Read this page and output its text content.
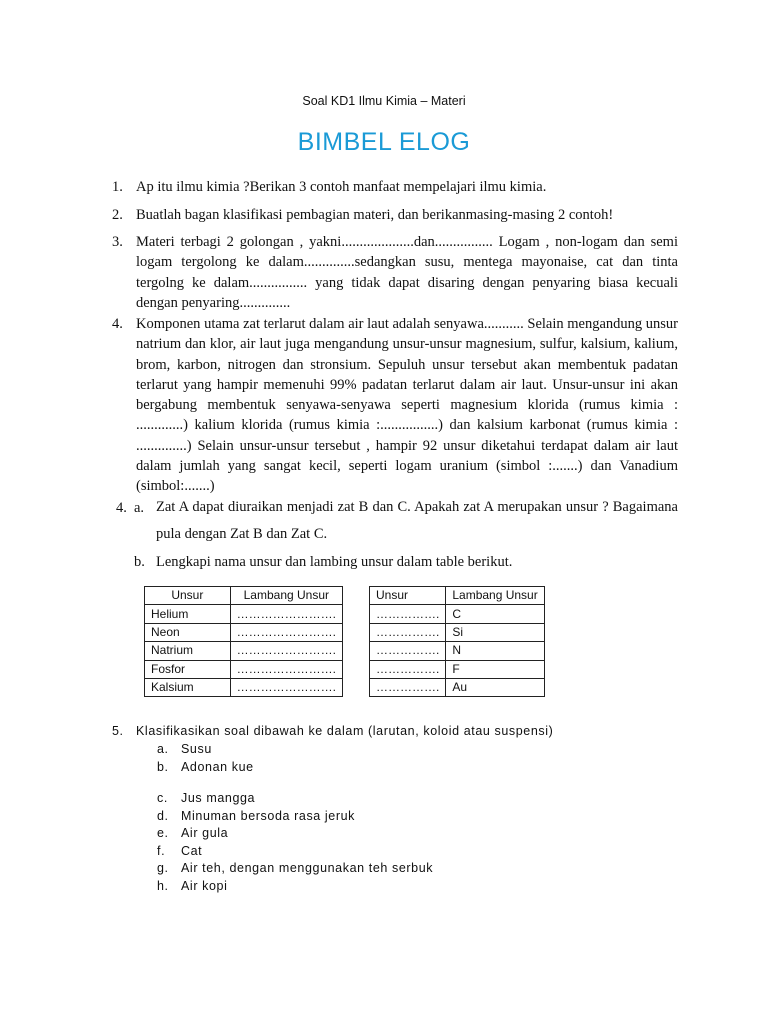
Soal KD1 Ilmu Kimia – Materi
BIMBEL ELOG
1. Ap itu ilmu kimia ?Berikan 3 contoh manfaat mempelajari ilmu kimia.
2. Buatlah bagan klasifikasi pembagian materi, dan berikanmasing-masing 2 contoh!
3. Materi terbagi 2 golongan , yakni....................dan................ Logam , non-logam dan semi logam tergolong ke dalam..............sedangkan susu, mentega mayonaise, cat dan tinta tergolng ke dalam................ yang tidak dapat disaring dengan penyaring biasa kecuali dengan penyaring..............
4. Komponen utama zat terlarut dalam air laut adalah senyawa........... Selain mengandung unsur natrium dan klor, air laut juga mengandung unsur-unsur magnesium, sulfur, kalsium, kalium, brom, karbon, nitrogen dan stronsium. Sepuluh unsur tersebut akan membentuk padatan terlarut yang hampir memenuhi 99% padatan terlarut dalam air laut. Unsur-unsur ini akan bergabung membentuk senyawa-senyawa seperti magnesium klorida (rumus kimia : .............) kalium klorida (rumus kimia :................) dan kalsium karbonat (rumus kimia : ..............) Selain unsur-unsur tersebut , hampir 92 unsur diketahui terdapat dalam air laut dalam jumlah yang sangat kecil, seperti logam uranium (simbol :.......) dan Vanadium (simbol:.......)
4. a. Zat A dapat diuraikan menjadi zat B dan C. Apakah zat A merupakan unsur ? Bagaimana pula dengan Zat B dan Zat C.
b. Lengkapi nama unsur dan lambing unsur dalam table berikut.
Unsur	Lambang Unsur
Helium	…………………….
Neon	…………………….
Natrium	…………………….
Fosfor	…………………….
Kalsium	…………………….
Unsur	Lambang Unsur
…………….	C
…………….	Si
…………….	N
…………….	F
…………….	Au
5. Klasifikasikan soal dibawah ke dalam (larutan, koloid atau suspensi)
a. Susu
b. Adonan kue
c. Jus mangga
d. Minuman bersoda rasa jeruk
e. Air gula
f. Cat
g. Air teh, dengan menggunakan teh serbuk
h. Air kopi
